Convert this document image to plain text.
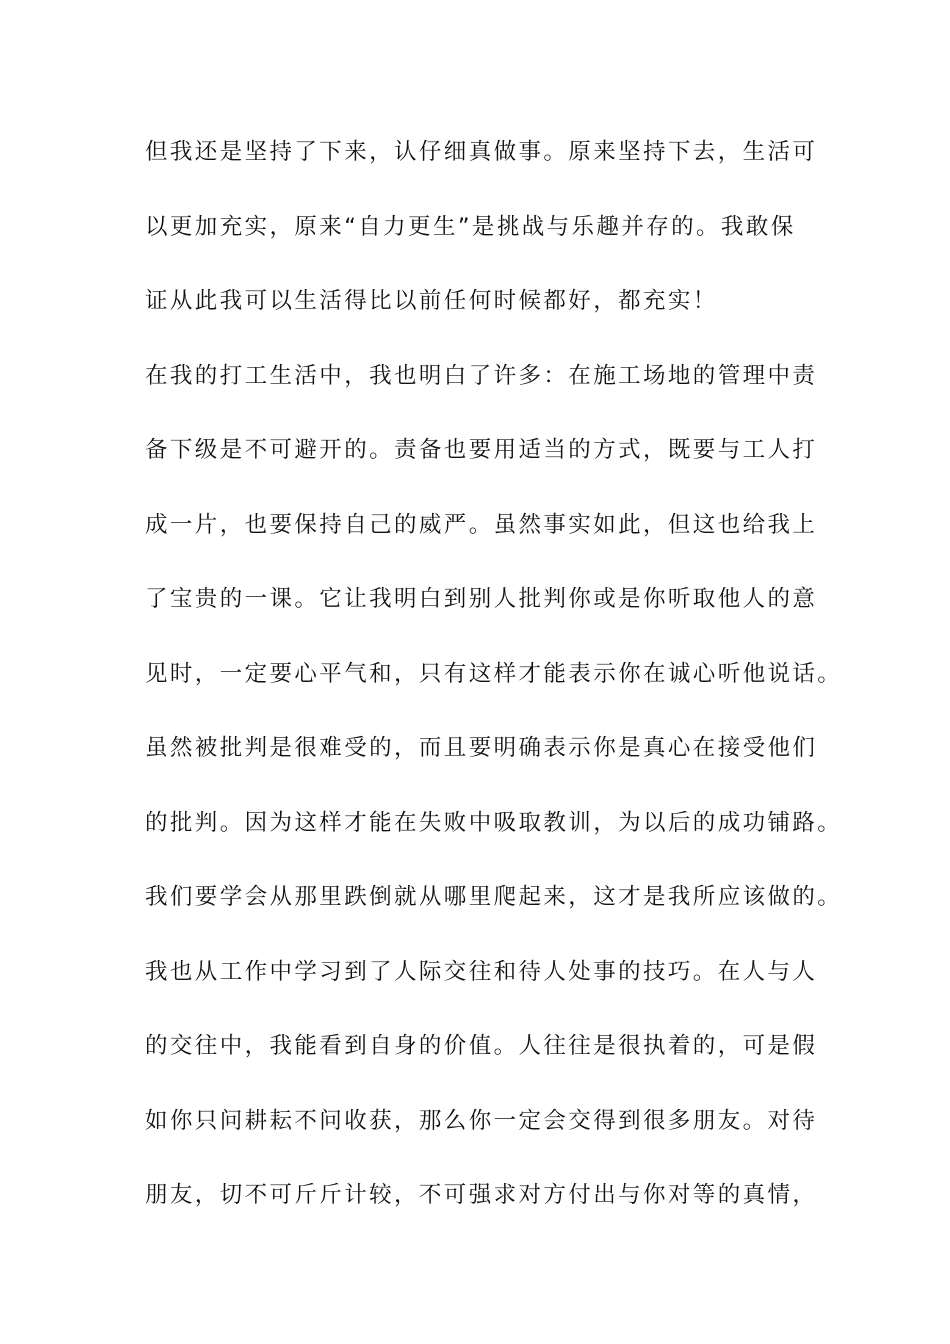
但我还是坚持了下来，认仔细真做事。原来坚持下去，生活可
以更加充实，原来“自力更生”是挑战与乐趣并存的。我敢保
证从此我可以生活得比以前任何时候都好，都充实！
在我的打工生活中，我也明白了许多：在施工场地的管理中责
备下级是不可避开的。责备也要用适当的方式，既要与工人打
成一片，也要保持自己的威严。虽然事实如此，但这也给我上
了宝贵的一课。它让我明白到别人批判你或是你听取他人的意
见时，一定要心平气和，只有这样才能表示你在诚心听他说话。
虽然被批判是很难受的，而且要明确表示你是真心在接受他们
的批判。因为这样才能在失败中吸取教训，为以后的成功铺路。
我们要学会从那里跌倒就从哪里爬起来，这才是我所应该做的。
我也从工作中学习到了人际交往和待人处事的技巧。在人与人
的交往中，我能看到自身的价值。人往往是很执着的，可是假
如你只问耕耘不问收获，那么你一定会交得到很多朋友。对待
朋友，切不可斤斤计较，不可强求对方付出与你对等的真情，
